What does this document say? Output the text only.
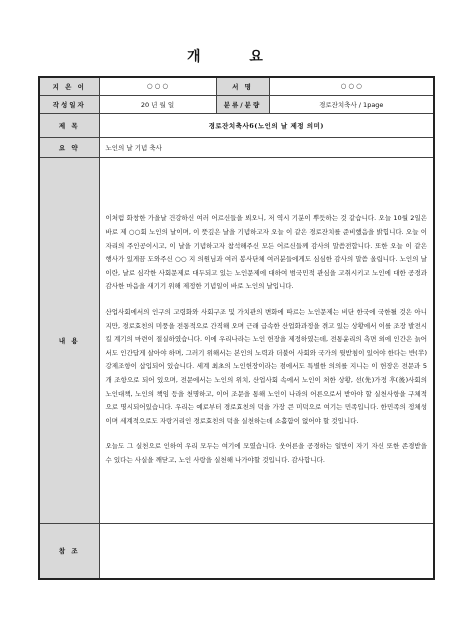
개 요
지 은 이	○ ○ ○	서 명	○ ○ ○
작성일자	20 년 월 일	분류/분량	경로잔치축사 / 1page
제 목	경로잔치축사6(노인의 날 제정 의미)		
요 약	노인의 날 기념 축사		
내 용	이처럼 화창한 가을날 건강하신 여러 어르신들을 뵈오니, 저 역시 기분이 뿌듯하는 것 같습니다. 오늘 10월 2일은 바로 제 ○○회 노인의 날이며, 이 뜻깊은 날을 기념하고자 오늘 이 같은 경로잔치를 준비했음을 밝힙니다. 오늘 이 자리의 주인공이시고, 이 날을 기념하고자 참석해주신 모든 어르신들께 감사의 말씀전합니다. 또한 오늘 이 같은 행사가 있게끔 도와주신 ○○ 지 의원님과 여러 봉사단체 여러분들에게도 심심한 감사의 말씀 올립니다. 노인의 날이란, 날로 심각한 사회문제로 대두되고 있는 노인문제에 대하여 범국민적 관심을 고취시키고 노인에 대한 공경과 감사한 마음을 새기기 위해 제정한 기념일이 바로 노인의 날입니다.

산업사회에서의 인구의 고령화와 사회구조 및 가치관의 변화에 따르는 노인문제는 비단 한국에 국한될 것은 아니지만, 경로효친의 미풍을 전통적으로 간직해 오며 근래 급속한 산업화과정을 겪고 있는 상황에서 이를 조장 발전시킬 계기의 마련이 절실하였습니다. 이에 우리나라는 노인 헌장을 제정하였는데, 전통윤리의 측면 외에 인간은 늙어서도 인간답게 살아야 하며, 그러기 위해서는 본인의 노력과 더불어 사회와 국가의 뒷받침이 있어야 한다는 반(半)강제조항이 삽입되어 있습니다. 세계 최초의 노인헌장이라는 점에서도 특별한 의의를 지니는 이 헌장은 전문과 5개 조항으로 되어 있으며, 전문에서는 노인의 위치, 산업사회 속에서 노인이 처한 상황, 선(先)가정 후(後)사회의 노인대책, 노인의 책임 등을 천명하고, 이어 조문을 통해 노인이 나라의 어른으로서 받아야 할 실천사항을 구체적으로 명시되어있습니다. 우리는 예로부터 경로효친의 덕을 가장 큰 미덕으로 여기는 민족입니다. 한민족의 정체성이며 세계적으로도 자랑거리인 경로효친의 덕을 실천하는데 소홀함이 없어야 할 것입니다.

오늘도 그 실천으로 인하여 우리 모두는 여기에 모였습니다. 웃어른을 공경하는 일만이 자기 자신 또한 존경받을 수 있다는 사실을 깨닫고, 노인 사랑을 실천해 나가야할 것입니다. 감사합니다.		

참 조			
